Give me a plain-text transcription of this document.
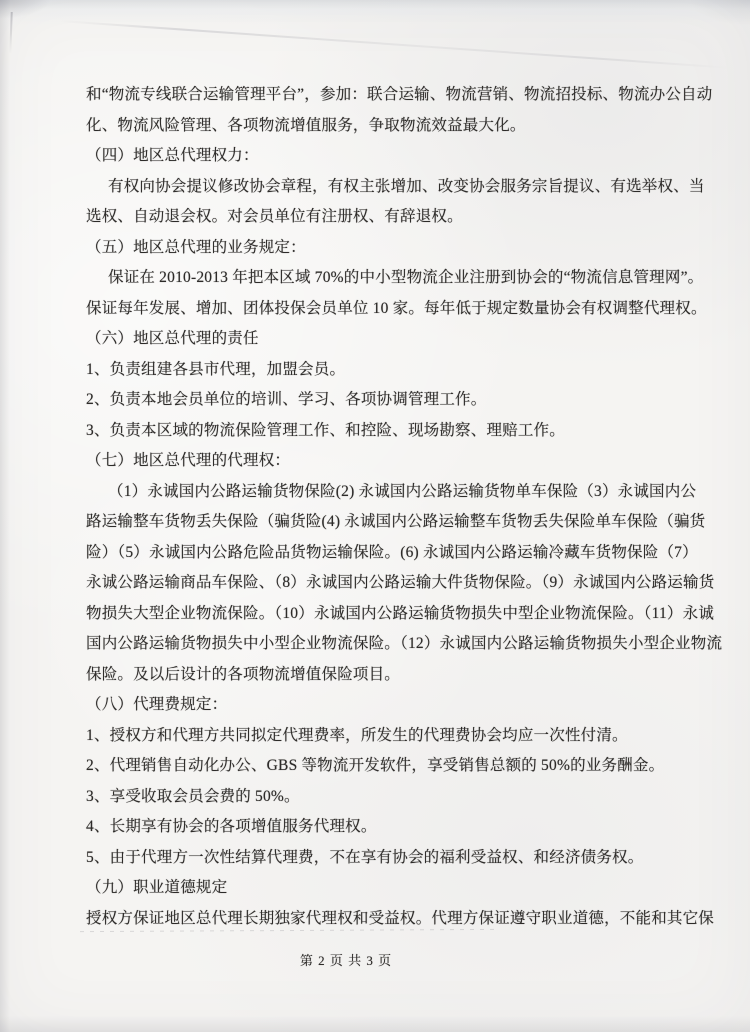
和“物流专线联合运输管理平台”，参加：联合运输、物流营销、物流招投标、物流办公自动
化、物流风险管理、各项物流增值服务，争取物流效益最大化。
（四）地区总代理权力：
有权向协会提议修改协会章程，有权主张增加、改变协会服务宗旨提议、有选举权、当
选权、自动退会权。对会员单位有注册权、有辞退权。
（五）地区总代理的业务规定：
保证在 2010-2013 年把本区域 70%的中小型物流企业注册到协会的“物流信息管理网”。
保证每年发展、增加、团体投保会员单位 10 家。每年低于规定数量协会有权调整代理权。
（六）地区总代理的责任
1、负责组建各县市代理，加盟会员。
2、负责本地会员单位的培训、学习、各项协调管理工作。
3、负责本区域的物流保险管理工作、和控险、现场勘察、理赔工作。
（七）地区总代理的代理权：
（1）永诚国内公路运输货物保险(2) 永诚国内公路运输货物单车保险（3）永诚国内公
路运输整车货物丢失保险（骗货险(4) 永诚国内公路运输整车货物丢失保险单车保险（骗货
险）（5）永诚国内公路危险品货物运输保险。(6) 永诚国内公路运输冷藏车货物保险（7）
永诚公路运输商品车保险、（8）永诚国内公路运输大件货物保险。（9）永诚国内公路运输货
物损失大型企业物流保险。（10）永诚国内公路运输货物损失中型企业物流保险。（11）永诚
国内公路运输货物损失中小型企业物流保险。（12）永诚国内公路运输货物损失小型企业物流
保险。及以后设计的各项物流增值保险项目。
（八）代理费规定：
1、授权方和代理方共同拟定代理费率，所发生的代理费协会均应一次性付清。
2、代理销售自动化办公、GBS 等物流开发软件，享受销售总额的 50%的业务酬金。
3、享受收取会员会费的 50%。
4、长期享有协会的各项增值服务代理权。
5、由于代理方一次性结算代理费，不在享有协会的福利受益权、和经济债务权。
（九）职业道德规定
授权方保证地区总代理长期独家代理权和受益权。代理方保证遵守职业道德，不能和其它保
第 2 页 共 3 页
